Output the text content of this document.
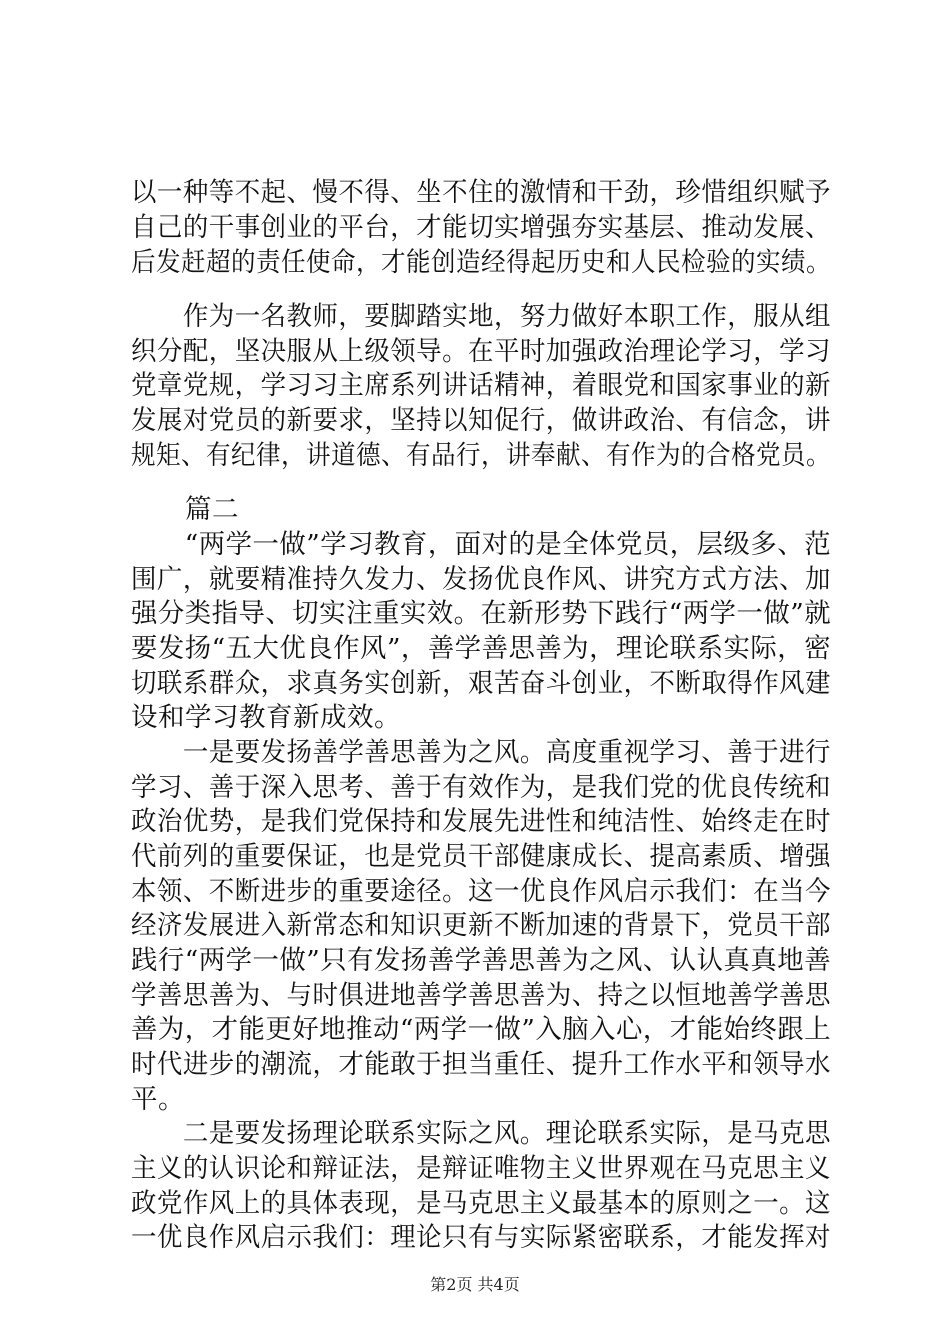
以一种等不起、慢不得、坐不住的激情和干劲，珍惜组织赋予
自己的干事创业的平台，才能切实增强夯实基层、推动发展、
后发赶超的责任使命，才能创造经得起历史和人民检验的实绩。
　　作为一名教师，要脚踏实地，努力做好本职工作，服从组
织分配，坚决服从上级领导。在平时加强政治理论学习，学习
党章党规，学习习主席系列讲话精神，着眼党和国家事业的新
发展对党员的新要求，坚持以知促行，做讲政治、有信念，讲
规矩、有纪律，讲道德、有品行，讲奉献、有作为的合格党员。
　　篇二
　　“两学一做”学习教育，面对的是全体党员，层级多、范
围广，就要精准持久发力、发扬优良作风、讲究方式方法、加
强分类指导、切实注重实效。在新形势下践行“两学一做”就
要发扬“五大优良作风”，善学善思善为，理论联系实际，密
切联系群众，求真务实创新，艰苦奋斗创业，不断取得作风建
设和学习教育新成效。
　　一是要发扬善学善思善为之风。高度重视学习、善于进行
学习、善于深入思考、善于有效作为，是我们党的优良传统和
政治优势，是我们党保持和发展先进性和纯洁性、始终走在时
代前列的重要保证，也是党员干部健康成长、提高素质、增强
本领、不断进步的重要途径。这一优良作风启示我们：在当今
经济发展进入新常态和知识更新不断加速的背景下，党员干部
践行“两学一做”只有发扬善学善思善为之风、认认真真地善
学善思善为、与时俱进地善学善思善为、持之以恒地善学善思
善为，才能更好地推动“两学一做”入脑入心，才能始终跟上
时代进步的潮流，才能敢于担当重任、提升工作水平和领导水
平。
　　二是要发扬理论联系实际之风。理论联系实际，是马克思
主义的认识论和辩证法，是辩证唯物主义世界观在马克思主义
政党作风上的具体表现，是马克思主义最基本的原则之一。这
一优良作风启示我们：理论只有与实际紧密联系，才能发挥对
第2页 共4页
